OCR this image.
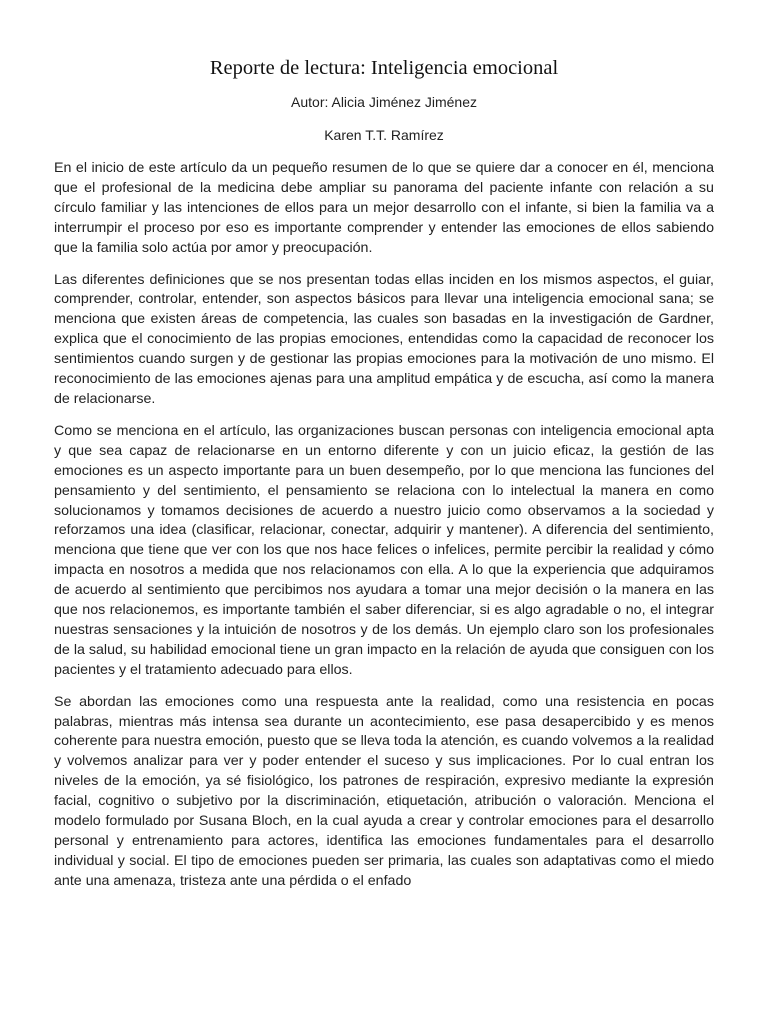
Reporte de lectura: Inteligencia emocional
Autor: Alicia Jiménez Jiménez
Karen T.T. Ramírez

En el inicio de este artículo da un pequeño resumen de lo que se quiere dar a conocer en él, menciona que el profesional de la medicina debe ampliar su panorama del paciente infante con relación a su círculo familiar y las intenciones de ellos para un mejor desarrollo con el infante, si bien la familia va a interrumpir el proceso por eso es importante comprender y entender las emociones de ellos sabiendo que la familia solo actúa por amor y preocupación.

Las diferentes definiciones que se nos presentan todas ellas inciden en los mismos aspectos, el guiar, comprender, controlar, entender, son aspectos básicos para llevar una inteligencia emocional sana; se menciona que existen áreas de competencia, las cuales son basadas en la investigación de Gardner, explica que el conocimiento de las propias emociones, entendidas como la capacidad de reconocer los sentimientos cuando surgen y de gestionar las propias emociones para la motivación de uno mismo. El reconocimiento de las emociones ajenas para una amplitud empática y de escucha, así como la manera de relacionarse.

Como se menciona en el artículo, las organizaciones buscan personas con inteligencia emocional apta y que sea capaz de relacionarse en un entorno diferente y con un juicio eficaz, la gestión de las emociones es un aspecto importante para un buen desempeño, por lo que menciona las funciones del pensamiento y del sentimiento, el pensamiento se relaciona con lo intelectual la manera en como solucionamos y tomamos decisiones de acuerdo a nuestro juicio como observamos a la sociedad y reforzamos una idea (clasificar, relacionar, conectar, adquirir y mantener). A diferencia del sentimiento, menciona que tiene que ver con los que nos hace felices o infelices, permite percibir la realidad y cómo impacta en nosotros a medida que nos relacionamos con ella. A lo que la experiencia que adquiramos de acuerdo al sentimiento que percibimos nos ayudara a tomar una mejor decisión o la manera en las que nos relacionemos, es importante también el saber diferenciar, si es algo agradable o no, el integrar nuestras sensaciones y la intuición de nosotros y de los demás. Un ejemplo claro son los profesionales de la salud, su habilidad emocional tiene un gran impacto en la relación de ayuda que consiguen con los pacientes y el tratamiento adecuado para ellos.

Se abordan las emociones como una respuesta ante la realidad, como una resistencia en pocas palabras, mientras más intensa sea durante un acontecimiento, ese pasa desapercibido y es menos coherente para nuestra emoción, puesto que se lleva toda la atención, es cuando volvemos a la realidad y volvemos analizar para ver y poder entender el suceso y sus implicaciones. Por lo cual entran los niveles de la emoción, ya sé fisiológico, los patrones de respiración, expresivo mediante la expresión facial, cognitivo o subjetivo por la discriminación, etiquetación, atribución o valoración. Menciona el modelo formulado por Susana Bloch, en la cual ayuda a crear y controlar emociones para el desarrollo personal y entrenamiento para actores, identifica las emociones fundamentales para el desarrollo individual y social. El tipo de emociones pueden ser primaria, las cuales son adaptativas como el miedo ante una amenaza, tristeza ante una pérdida o el enfado
